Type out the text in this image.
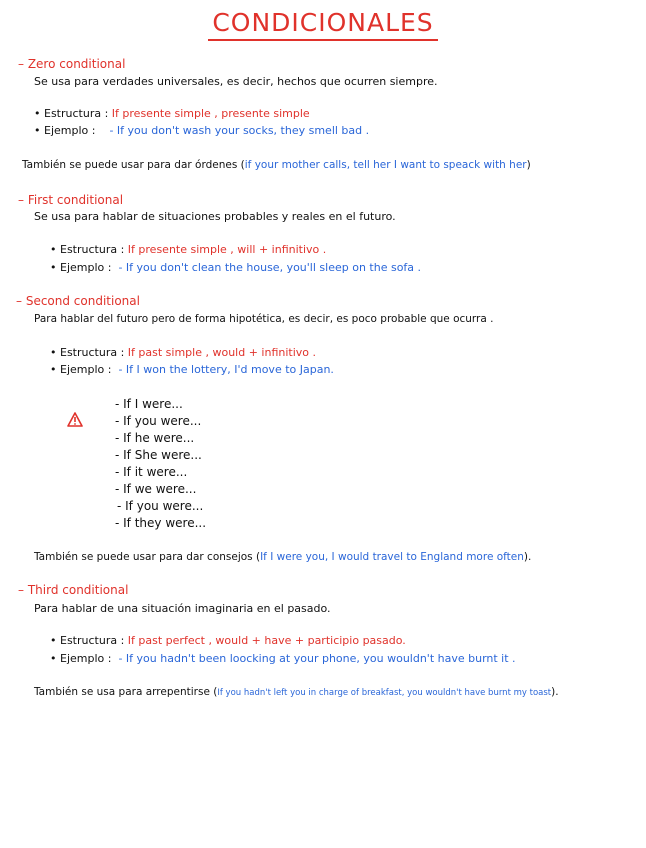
CONDICIONALES
– Zero conditional
Se usa para verdades universales, es decir, hechos que ocurren siempre.
• Estructura : If presente simple , presente simple
• Ejemplo : - If you don't wash your socks, they smell bad .
También se puede usar para dar órdenes (if your mother calls, tell her I want to speack with her)
– First conditional
Se usa para hablar de situaciones probables y reales en el futuro.
• Estructura : If presente simple , will + infinitivo .
• Ejemplo : - If you don't clean the house, you'll sleep on the sofa .
– Second conditional
Para hablar del futuro pero de forma hipotética, es decir, es poco probable que ocurra .
• Estructura : If past simple , would + infinitivo .
• Ejemplo : - If I won the lottery, I'd move to Japan.
- If I were...
- If you were...
- If he were...
- If She were...
- If it were...
- If we were...
- If you were...
- If they were...
También se puede usar para dar consejos (If I were you, I would travel to England more often).
– Third conditional
Para hablar de una situación imaginaria en el pasado.
• Estructura : If past perfect , would + have + participio pasado.
• Ejemplo : - If you hadn't been loocking at your phone, you wouldn't have burnt it .
También se usa para arrepentirse (If you hadn't left you in charge of breakfast, you wouldn't have burnt my toast).
